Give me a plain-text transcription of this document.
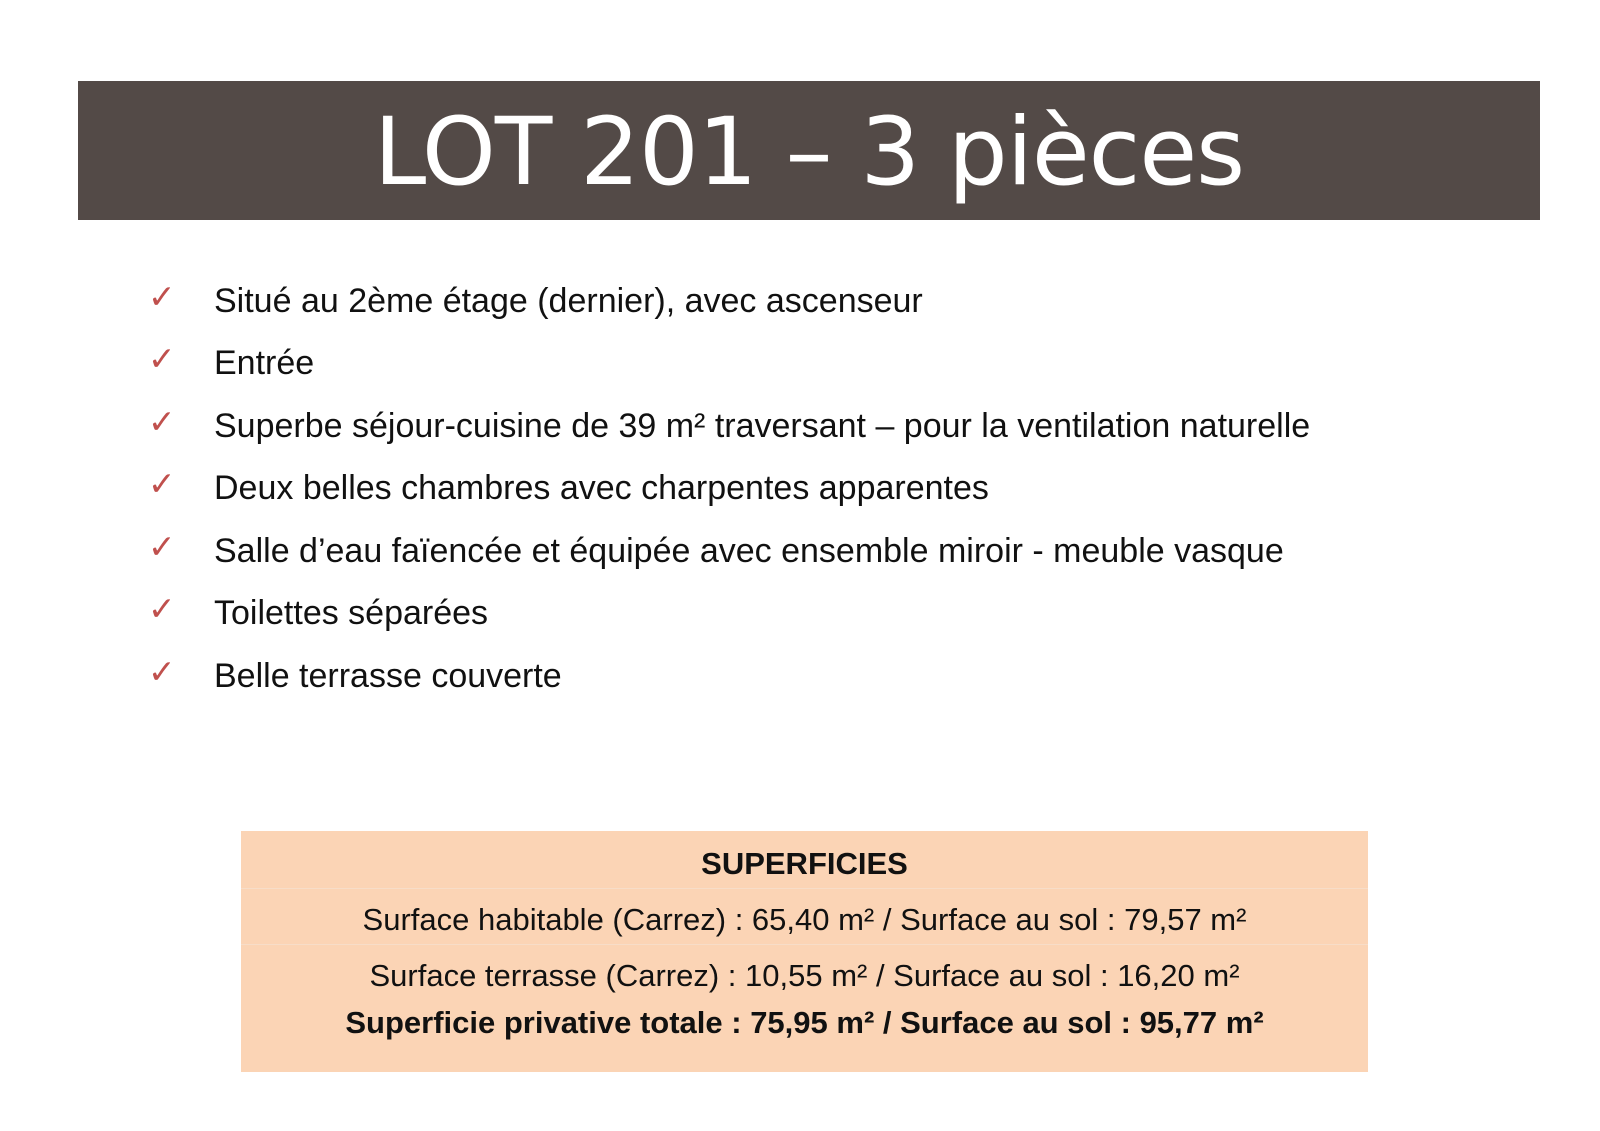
LOT 201 – 3 pièces
✓	Situé au 2ème étage (dernier), avec ascenseur
✓	Entrée
✓	Superbe séjour-cuisine de 39 m² traversant – pour la ventilation naturelle
✓	Deux belles chambres avec charpentes apparentes
✓	Salle d’eau faïencée et équipée avec ensemble miroir - meuble vasque
✓	Toilettes séparées
✓	Belle terrasse couverte
SUPERFICIES
Surface habitable (Carrez) : 65,40 m² / Surface au sol : 79,57 m²
Surface terrasse (Carrez) : 10,55 m² / Surface au sol : 16,20 m²
Superficie privative totale : 75,95 m² / Surface au sol : 95,77 m²
